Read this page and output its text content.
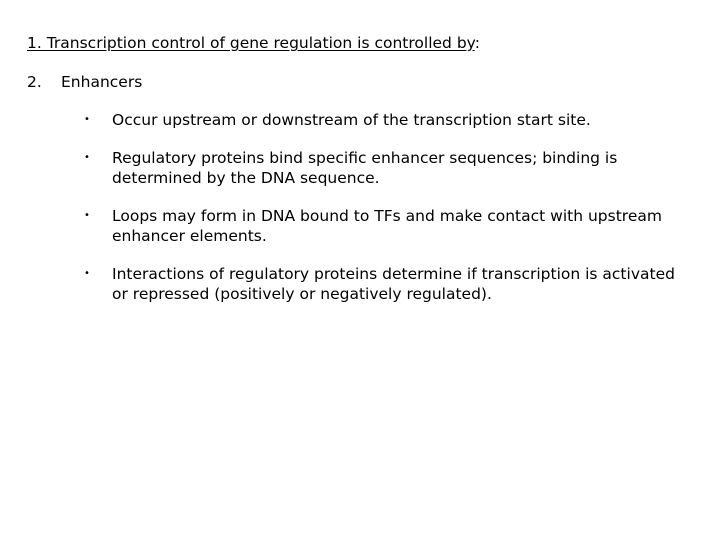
1. Transcription control of gene regulation is controlled by:
2. Enhancers
• Occur upstream or downstream of the transcription start site.
• Regulatory proteins bind specific enhancer sequences; binding is determined by the DNA sequence.
• Loops may form in DNA bound to TFs and make contact with upstream enhancer elements.
• Interactions of regulatory proteins determine if transcription is activated or repressed (positively or negatively regulated).
